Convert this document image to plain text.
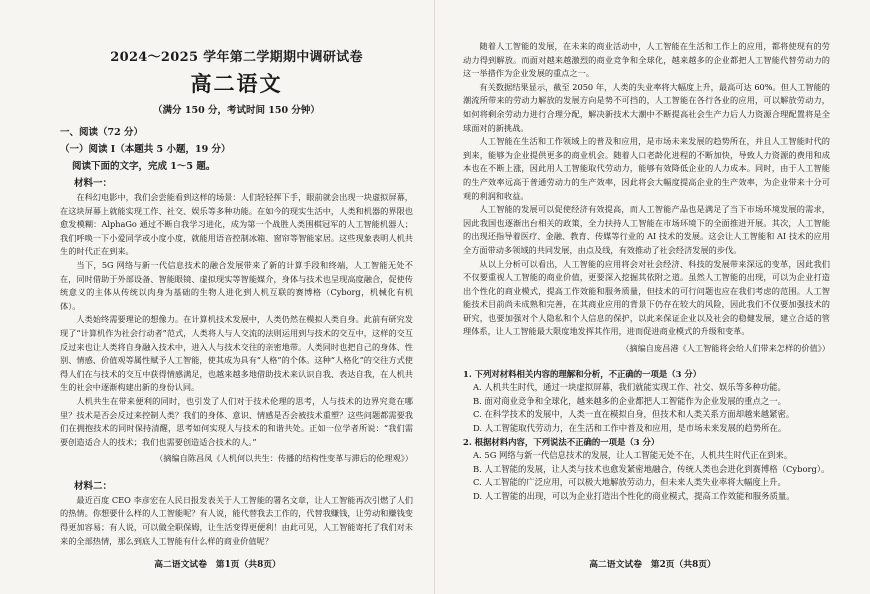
2024～2025 学年第二学期期中调研试卷
高二语文
（满分 150 分，考试时间 150 分钟）
一、阅读（72 分）
（一）阅读 I（本题共 5 小题，19 分）
阅读下面的文字，完成 1～5 题。
材料一：

在科幻电影中，我们会尝能看到这样的场景：人们轻轻挥下手，眼前就会出现一块虚拟屏幕，在这块屏幕上就能实现工作、社交、娱乐等多种功能。在如今的现实生活中，人类和机器的界限也愈发模糊：AlphaGo 通过不断自我学习进化，成为第一个战胜人类围棋冠军的人工智能机器人；我们呼唤一下小爱同学或小度小度，就能用语音控制冰箱、窗帘等智能家居。这些现象表明人机共生的时代正在到来。

当下，5G 网络与新一代信息技术的融合发展带来了新的计算手段和终端，人工智能无处不在，同时借助于外部设备、智能眼镜、虚拟现实等智能媒介，身体与技术也呈现高度融合，促使传统意义的主体从传统以肉身为基础的生物人进化到人机互联的赛博格（Cyborg，机械化有机体）。

人类始终需要理论的想像力。在计算机技术发展中，人类仍然在模拟人类自身。此前有研究发现了“计算机作为社会行动者”范式，人类将人与人交流的法则运用到与技术的交互中，这样的交互反过来也让人类将自身融入技术中，进入人与技术交往的亲密地带。人类同时也把自己的身体、性别、情感、价值观等属性赋予人工智能，使其成为具有“人格”的个体。这种“人格化”的交往方式使得人们在与技术的交互中获得情感满足，也越来越多地借助技术来认识自我、表达自我，在人机共生的社会中逐渐构建出新的身份认同。

人机共生在带来便利的同时，也引发了人们对于技术伦理的思考，人与技术的边界究竟在哪里？技术是否会反过来控制人类？我们的身体、意识、情感是否会被技术重塑？这些问题都需要我们在拥抱技术的同时保持清醒，思考如何实现人与技术的和谐共处。正如一位学者所说：“我们需要创造适合人的技术；我们也需要创造适合技术的人。”

（摘编自陈昌凤《人机何以共生：传播的结构性变革与滞后的伦理观》）
材料二：

最近百度 CEO 李彦宏在人民日报发表关于人工智能的署名文章，让人工智能再次引燃了人们的热情。你想要什么样的人工智能呢？有人说，能代替我去工作的，代替我赚钱，让劳动和赚钱变得更加容易；有人说，可以做全职保姆，让生活变得更便利！由此可见，人工智能寄托了我们对未来的全部热情，那么到底人工智能有什么样的商业价值呢？

高二语文试卷　第1页（共8页）

随着人工智能的发展，在未来的商业活动中，人工智能在生活和工作上的应用，都将使现有的劳动力得到解放。而面对越来越激烈的商业竞争和全球化，越来越多的企业都把人工智能代替劳动力的这一举措作为企业发展的重点之一。

有关数据结果显示，截至 2050 年，人类的失业率将大幅度上升，最高可达 60%。但人工智能的潮流所带来的劳动力解放的发展方向是势不可挡的，人工智能在各行各业的应用，可以解放劳动力，如何将剩余劳动力进行合理分配，解决新技术大潮中不断提高社会生产力后人力资源合理配置将是全球面对的新挑战。

人工智能在生活和工作领域上的普及和应用，是市场未来发展的趋势所在，并且人工智能时代的到来，能够为企业提供更多的商业机会。随着人口老龄化进程的不断加快，导致人力资源的费用和成本也在不断上涨，因此用人工智能取代劳动力，能够有效降低企业的人力成本。同时，由于人工智能的生产效率远高于普通劳动力的生产效率，因此将会大幅度提高企业的生产效率，为企业带来十分可观的利润和收益。

人工智能的发展可以促使经济有效提高，而人工智能产品也是满足了当下市场环境发展的需求，因此我国也逐渐出台相关的政策，全力扶持人工智能在市场环境下的全面推进开展。其次，人工智能的出现还指导着医疗、金融、教育、传媒等行业的 AI 技术的发展。这会让人工智能和 AI 技术的应用全方面带动多领域的共同发展，由点及线，有效推动了社会经济发展的步伐。

从以上分析可以看出，人工智能的应用将会对社会经济、科技的发展带来深远的变革，因此我们不仅要重视人工智能的商业价值，更要深入挖掘其依附之道。虽然人工智能的出现，可以为企业打造出个性化的商业模式，提高工作效能和服务质量，但技术的可行问题也应在我们考虑的范围。人工智能技术目前尚未成熟和完善，在其商业应用的背景下仍存在较大的风险，因此我们不仅要加强技术的研究，也要加强对个人隐私和个人信息的保护，以此来保证企业以及社会的稳健发展，建立合适的管理体系，让人工智能最大限度地发挥其作用，进而促进商业模式的升级和变革。

（摘编自庞昌港《人工智能将会给人们带来怎样的价值》）

1. 下列对材料相关内容的理解和分析，不正确的一项是（3 分）

A. 人机共生时代，通过一块虚拟屏幕，我们就能实现工作、社交、娱乐等多种功能。

B. 面对商业竞争和全球化，越来越多的企业都把人工智能作为企业发展的重点之一。

C. 在科学技术的发展中，人类一直在模拟自身，但技术和人类关系方面却越来越紧密。

D. 人工智能取代劳动力，在生活和工作中普及和应用，是市场未来发展的趋势所在。

2. 根据材料内容，下列说法不正确的一项是（3 分）

A. 5G 网络与新一代信息技术的发展，让人工智能无处不在，人机共生时代正在到来。

B. 人工智能的发展，让人类与技术也愈发紧密地融合，传统人类也会进化到赛博格（Cyborg）。

C. 人工智能的广泛应用，可以极大地解放劳动力，但未来人类失业率将大幅度上升。

D. 人工智能的出现，可以为企业打造出个性化的商业模式，提高工作效能和服务质量。

高二语文试卷　第2页（共8页）
